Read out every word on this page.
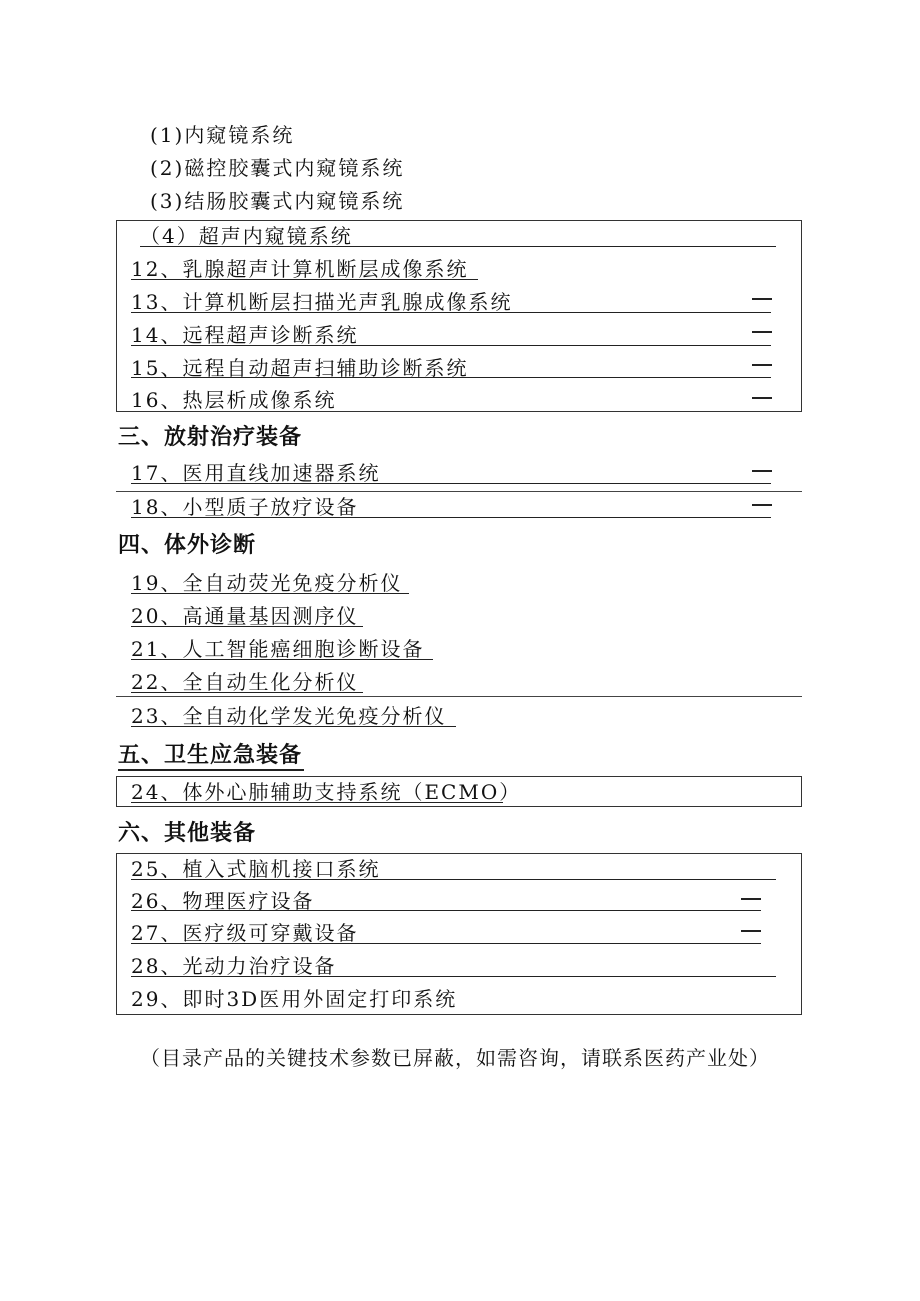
(1)内窥镜系统
(2)磁控胶囊式内窥镜系统
(3)结肠胶囊式内窥镜系统
（4）超声内窥镜系统
12、乳腺超声计算机断层成像系统
13、计算机断层扫描光声乳腺成像系统
14、远程超声诊断系统
15、远程自动超声扫辅助诊断系统
16、热层析成像系统
三、放射治疗装备
17、医用直线加速器系统
18、小型质子放疗设备
四、体外诊断
19、全自动荧光免疫分析仪
20、高通量基因测序仪
21、人工智能癌细胞诊断设备
22、全自动生化分析仪
23、全自动化学发光免疫分析仪
五、卫生应急装备
24、体外心肺辅助支持系统（ECMO）
六、其他装备
25、植入式脑机接口系统
26、物理医疗设备
27、医疗级可穿戴设备
28、光动力治疗设备
29、即时3D医用外固定打印系统
（目录产品的关键技术参数已屏蔽，如需咨询，请联系医药产业处）
